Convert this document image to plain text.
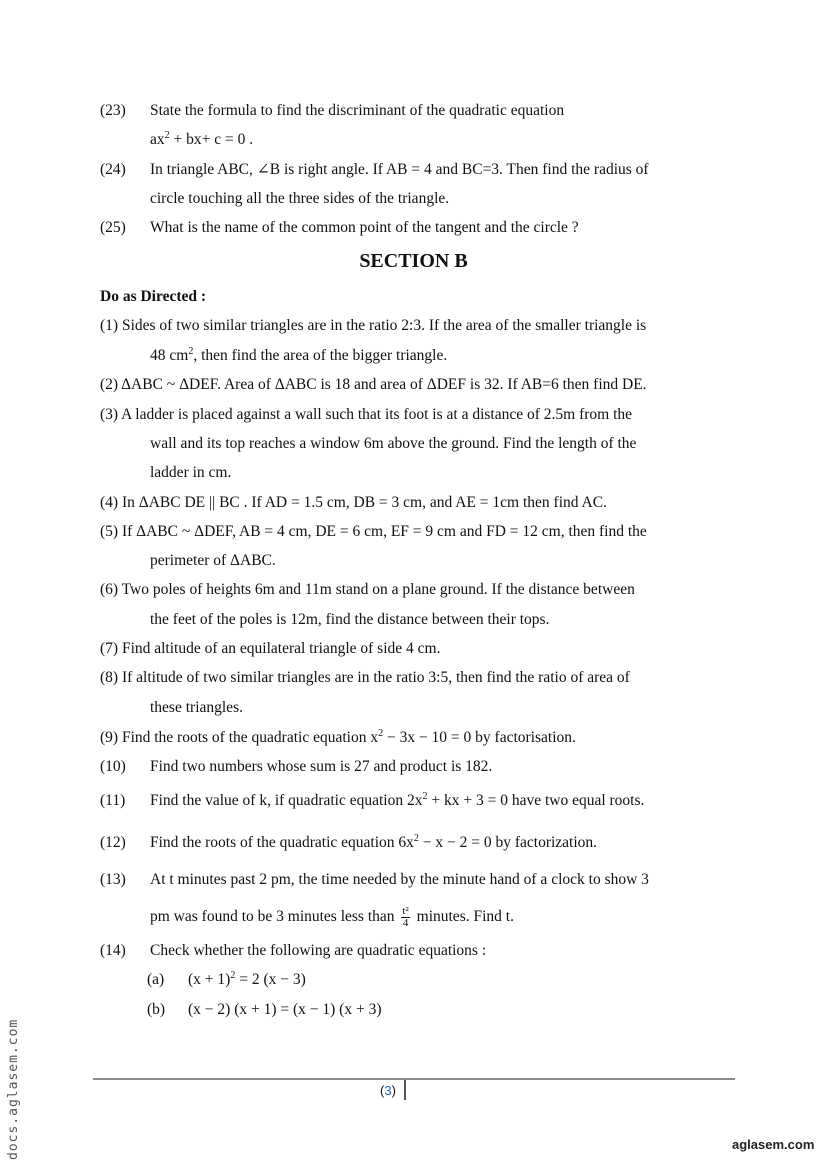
(23) State the formula to find the discriminant of the quadratic equation
$ax^2 + bx+ c = 0$ .
(24) In triangle ABC, ∠B is right angle. If AB = 4 and BC=3. Then find the radius of
circle touching all the three sides of the triangle.
(25) What is the name of the common point of the tangent and the circle ?
SECTION B
Do as Directed :
(1) Sides of two similar triangles are in the ratio 2:3. If the area of the smaller triangle is
48 $cm^2$, then find the area of the bigger triangle.
(2) ΔABC ~ ΔDEF. Area of ΔABC is 18 and area of ΔDEF is 32. If AB=6 then find DE.
(3) A ladder is placed against a wall such that its foot is at a distance of 2.5m from the
wall and its top reaches a window 6m above the ground. Find the length of the
ladder in cm.
(4) In ΔABC DE || BC . If AD = 1.5 cm, DB = 3 cm, and AE = 1cm then find AC.
(5) If ΔABC ~ ΔDEF, AB = 4 cm, DE = 6 cm, EF = 9 cm and FD = 12 cm, then find the
perimeter of ΔABC.
(6) Two poles of heights 6m and 11m stand on a plane ground. If the distance between
the feet of the poles is 12m, find the distance between their tops.
(7) Find altitude of an equilateral triangle of side 4 cm.
(8) If altitude of two similar triangles are in the ratio 3:5, then find the ratio of area of
these triangles.
(9) Find the roots of the quadratic equation $x^2 - 3x - 10 = 0$ by factorisation.
(10) Find two numbers whose sum is 27 and product is 182.
(11) Find the value of k, if quadratic equation $2x^2$ + kx + 3 = 0 have two equal roots.
(12) Find the roots of the quadratic equation $6x^2 - x - 2 = 0$ by factorization.
(13) At t minutes past 2 pm, the time needed by the minute hand of a clock to show 3
pm was found to be 3 minutes less than $\frac{\text{t²}}{4}$ minutes. Find t.
(14) Check whether the following are quadratic equations :
(a) $(x + 1)^2 = 2$ (x − 3)
(b) (x − 2) (x + 1) = (x − 1) (x + 3)
(3)
docs.aglasem.com	aglasem.com
